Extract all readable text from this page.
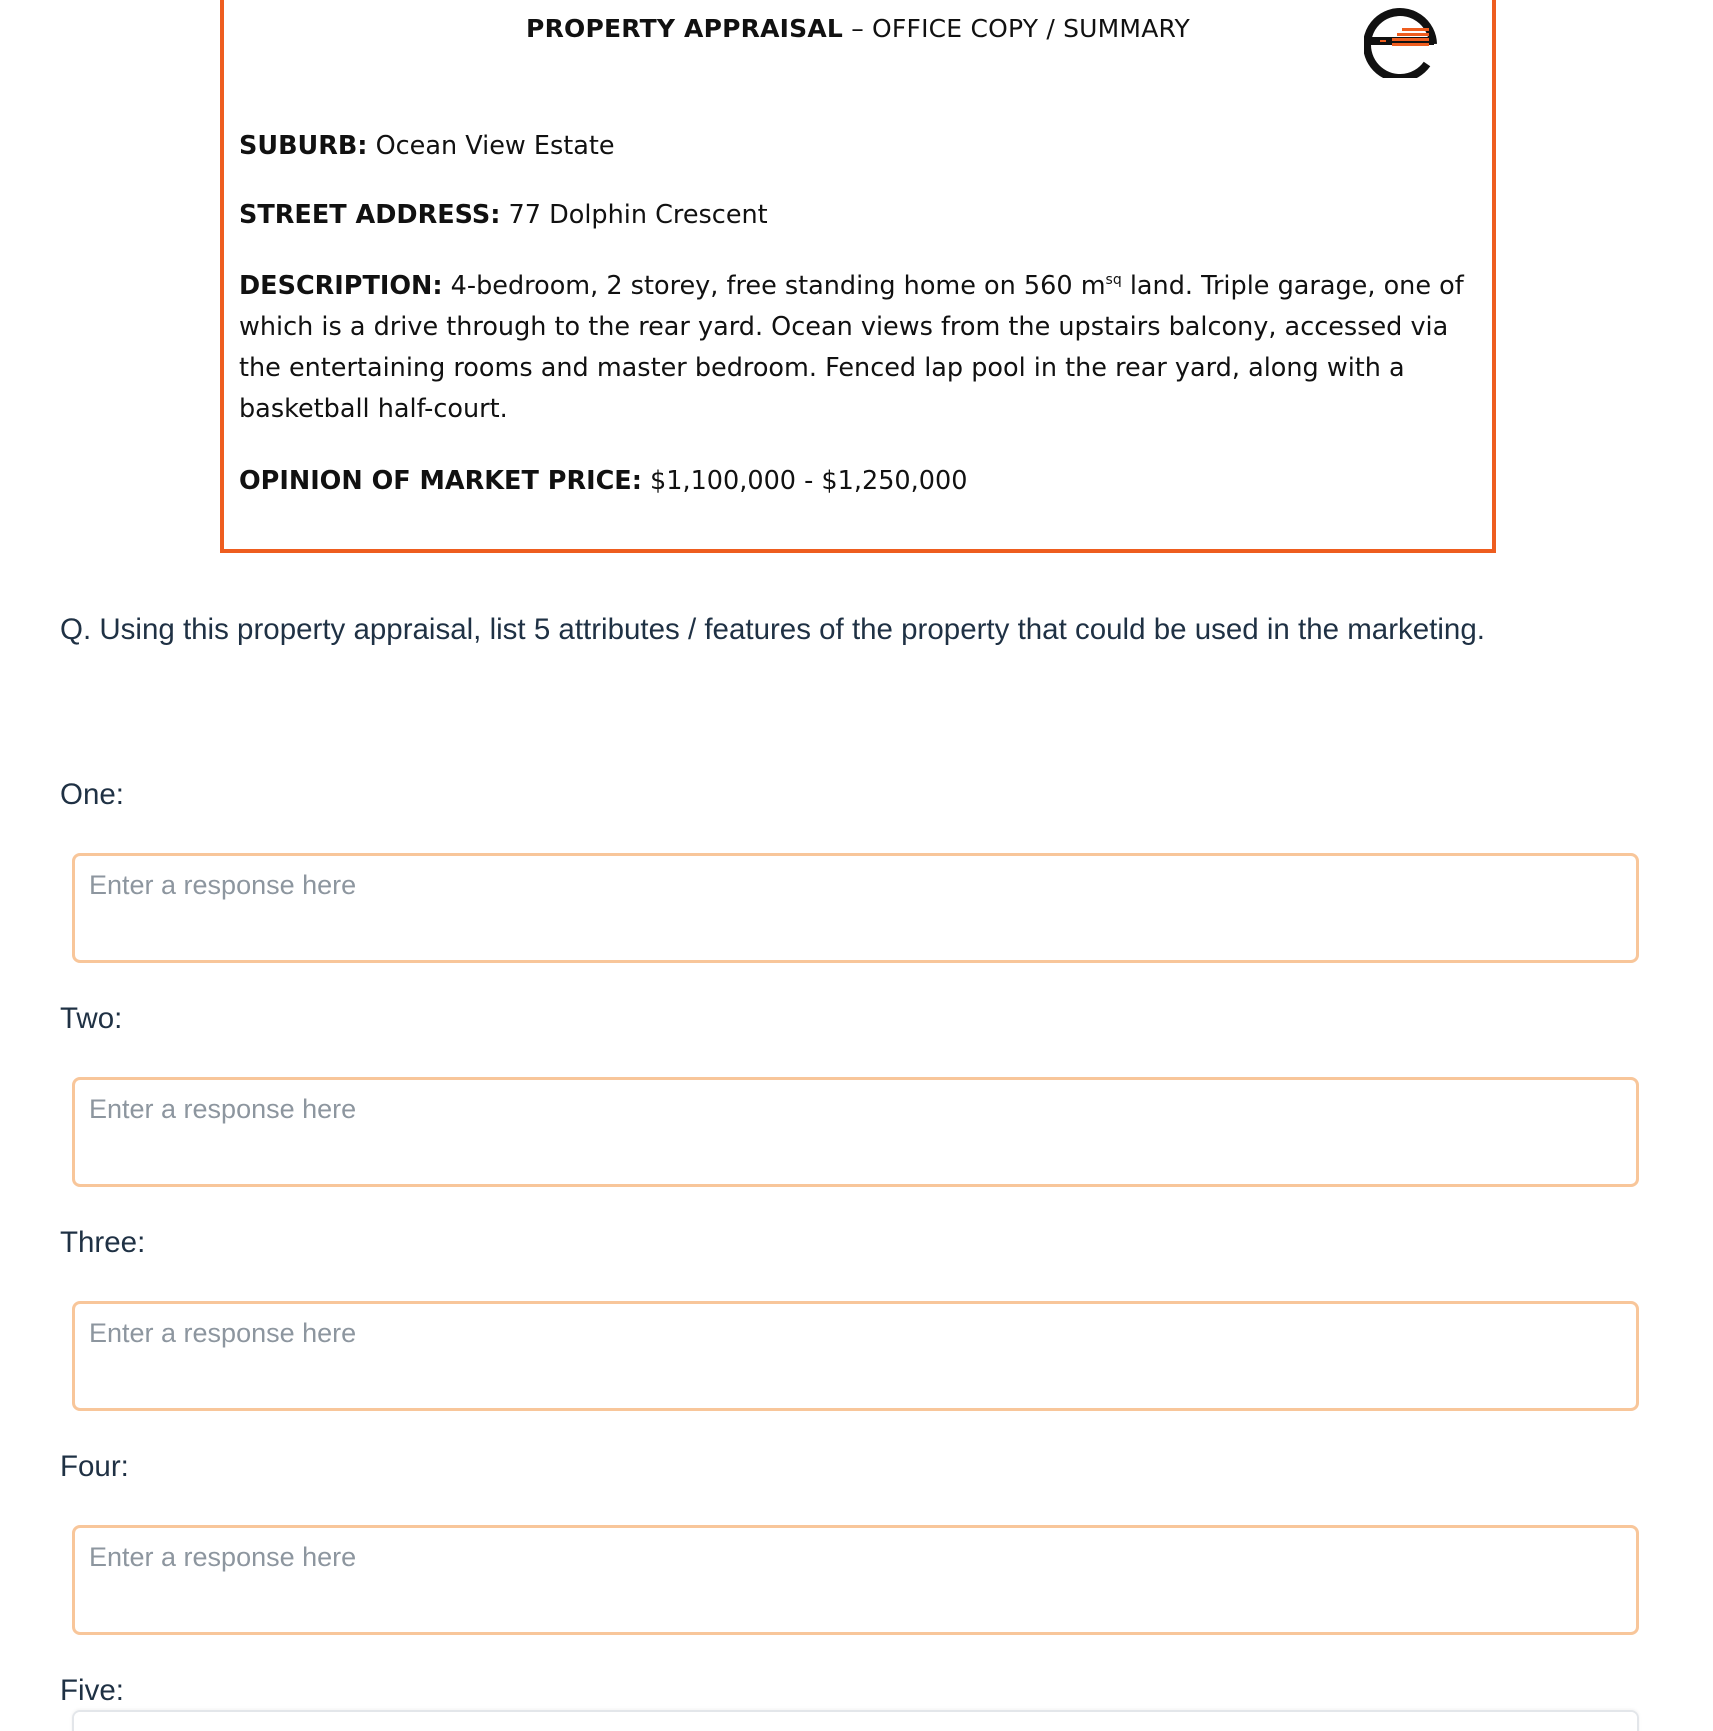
PROPERTY APPRAISAL – OFFICE COPY / SUMMARY
SUBURB: Ocean View Estate
STREET ADDRESS: 77 Dolphin Crescent
DESCRIPTION: 4-bedroom, 2 storey, free standing home on 560 $m^{sq}$ land. Triple garage, one of which is a drive through to the rear yard. Ocean views from the upstairs balcony, accessed via the entertaining rooms and master bedroom. Fenced lap pool in the rear yard, along with a basketball half-court.
OPINION OF MARKET PRICE: $1,100,000 - $1,250,000
Q. Using this property appraisal, list 5 attributes / features of the property that could be used in the marketing.
One:
Enter a response here
Two:
Enter a response here
Three:
Enter a response here
Four:
Enter a response here
Five:
